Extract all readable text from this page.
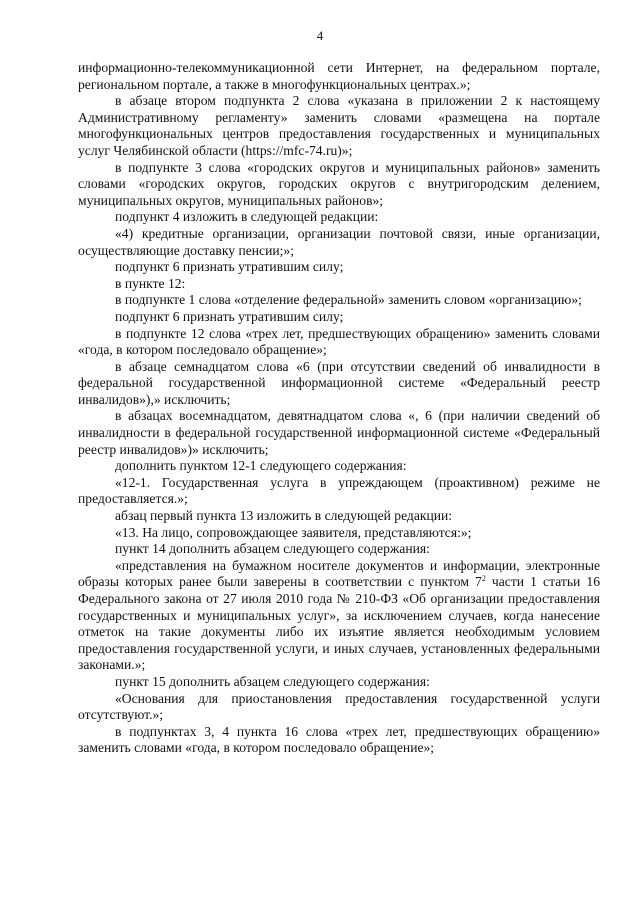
4

информационно-телекоммуникационной сети Интернет, на федеральном портале, региональном портале, а также в многофункциональных центрах.»;

в абзаце втором подпункта 2 слова «указана в приложении 2 к настоящему Административному регламенту» заменить словами «размещена на портале многофункциональных центров предоставления государственных и муниципальных услуг Челябинской области (https://mfc-74.ru)»;

в подпункте 3 слова «городских округов и муниципальных районов» заменить словами «городских округов, городских округов с внутригородским делением, муниципальных округов, муниципальных районов»;

подпункт 4 изложить в следующей редакции:

«4) кредитные организации, организации почтовой связи, иные организации, осуществляющие доставку пенсии;»;

подпункт 6 признать утратившим силу;

в пункте 12:

в подпункте 1 слова «отделение федеральной» заменить словом «организацию»;

подпункт 6 признать утратившим силу;

в подпункте 12 слова «трех лет, предшествующих обращению» заменить словами «года, в котором последовало обращение»;

в абзаце семнадцатом слова «6 (при отсутствии сведений об инвалидности в федеральной государственной информационной системе «Федеральный реестр инвалидов»),» исключить;

в абзацах восемнадцатом, девятнадцатом слова «, 6 (при наличии сведений об инвалидности в федеральной государственной информационной системе «Федеральный реестр инвалидов»)» исключить;

дополнить пунктом 12-1 следующего содержания:

«12-1. Государственная услуга в упреждающем (проактивном) режиме не предоставляется.»;

абзац первый пункта 13 изложить в следующей редакции:

«13. На лицо, сопровождающее заявителя, представляются:»;

пункт 14 дополнить абзацем следующего содержания:

«представления на бумажном носителе документов и информации, электронные образы которых ранее были заверены в соответствии с пунктом $7^2$ части 1 статьи 16 Федерального закона от 27 июля 2010 года № 210-ФЗ «Об организации предоставления государственных и муниципальных услуг», за исключением случаев, когда нанесение отметок на такие документы либо их изъятие является необходимым условием предоставления государственной услуги, и иных случаев, установленных федеральными законами.»;

пункт 15 дополнить абзацем следующего содержания:

«Основания для приостановления предоставления государственной услуги отсутствуют.»;

в подпунктах 3, 4 пункта 16 слова «трех лет, предшествующих обращению» заменить словами «года, в котором последовало обращение»;
